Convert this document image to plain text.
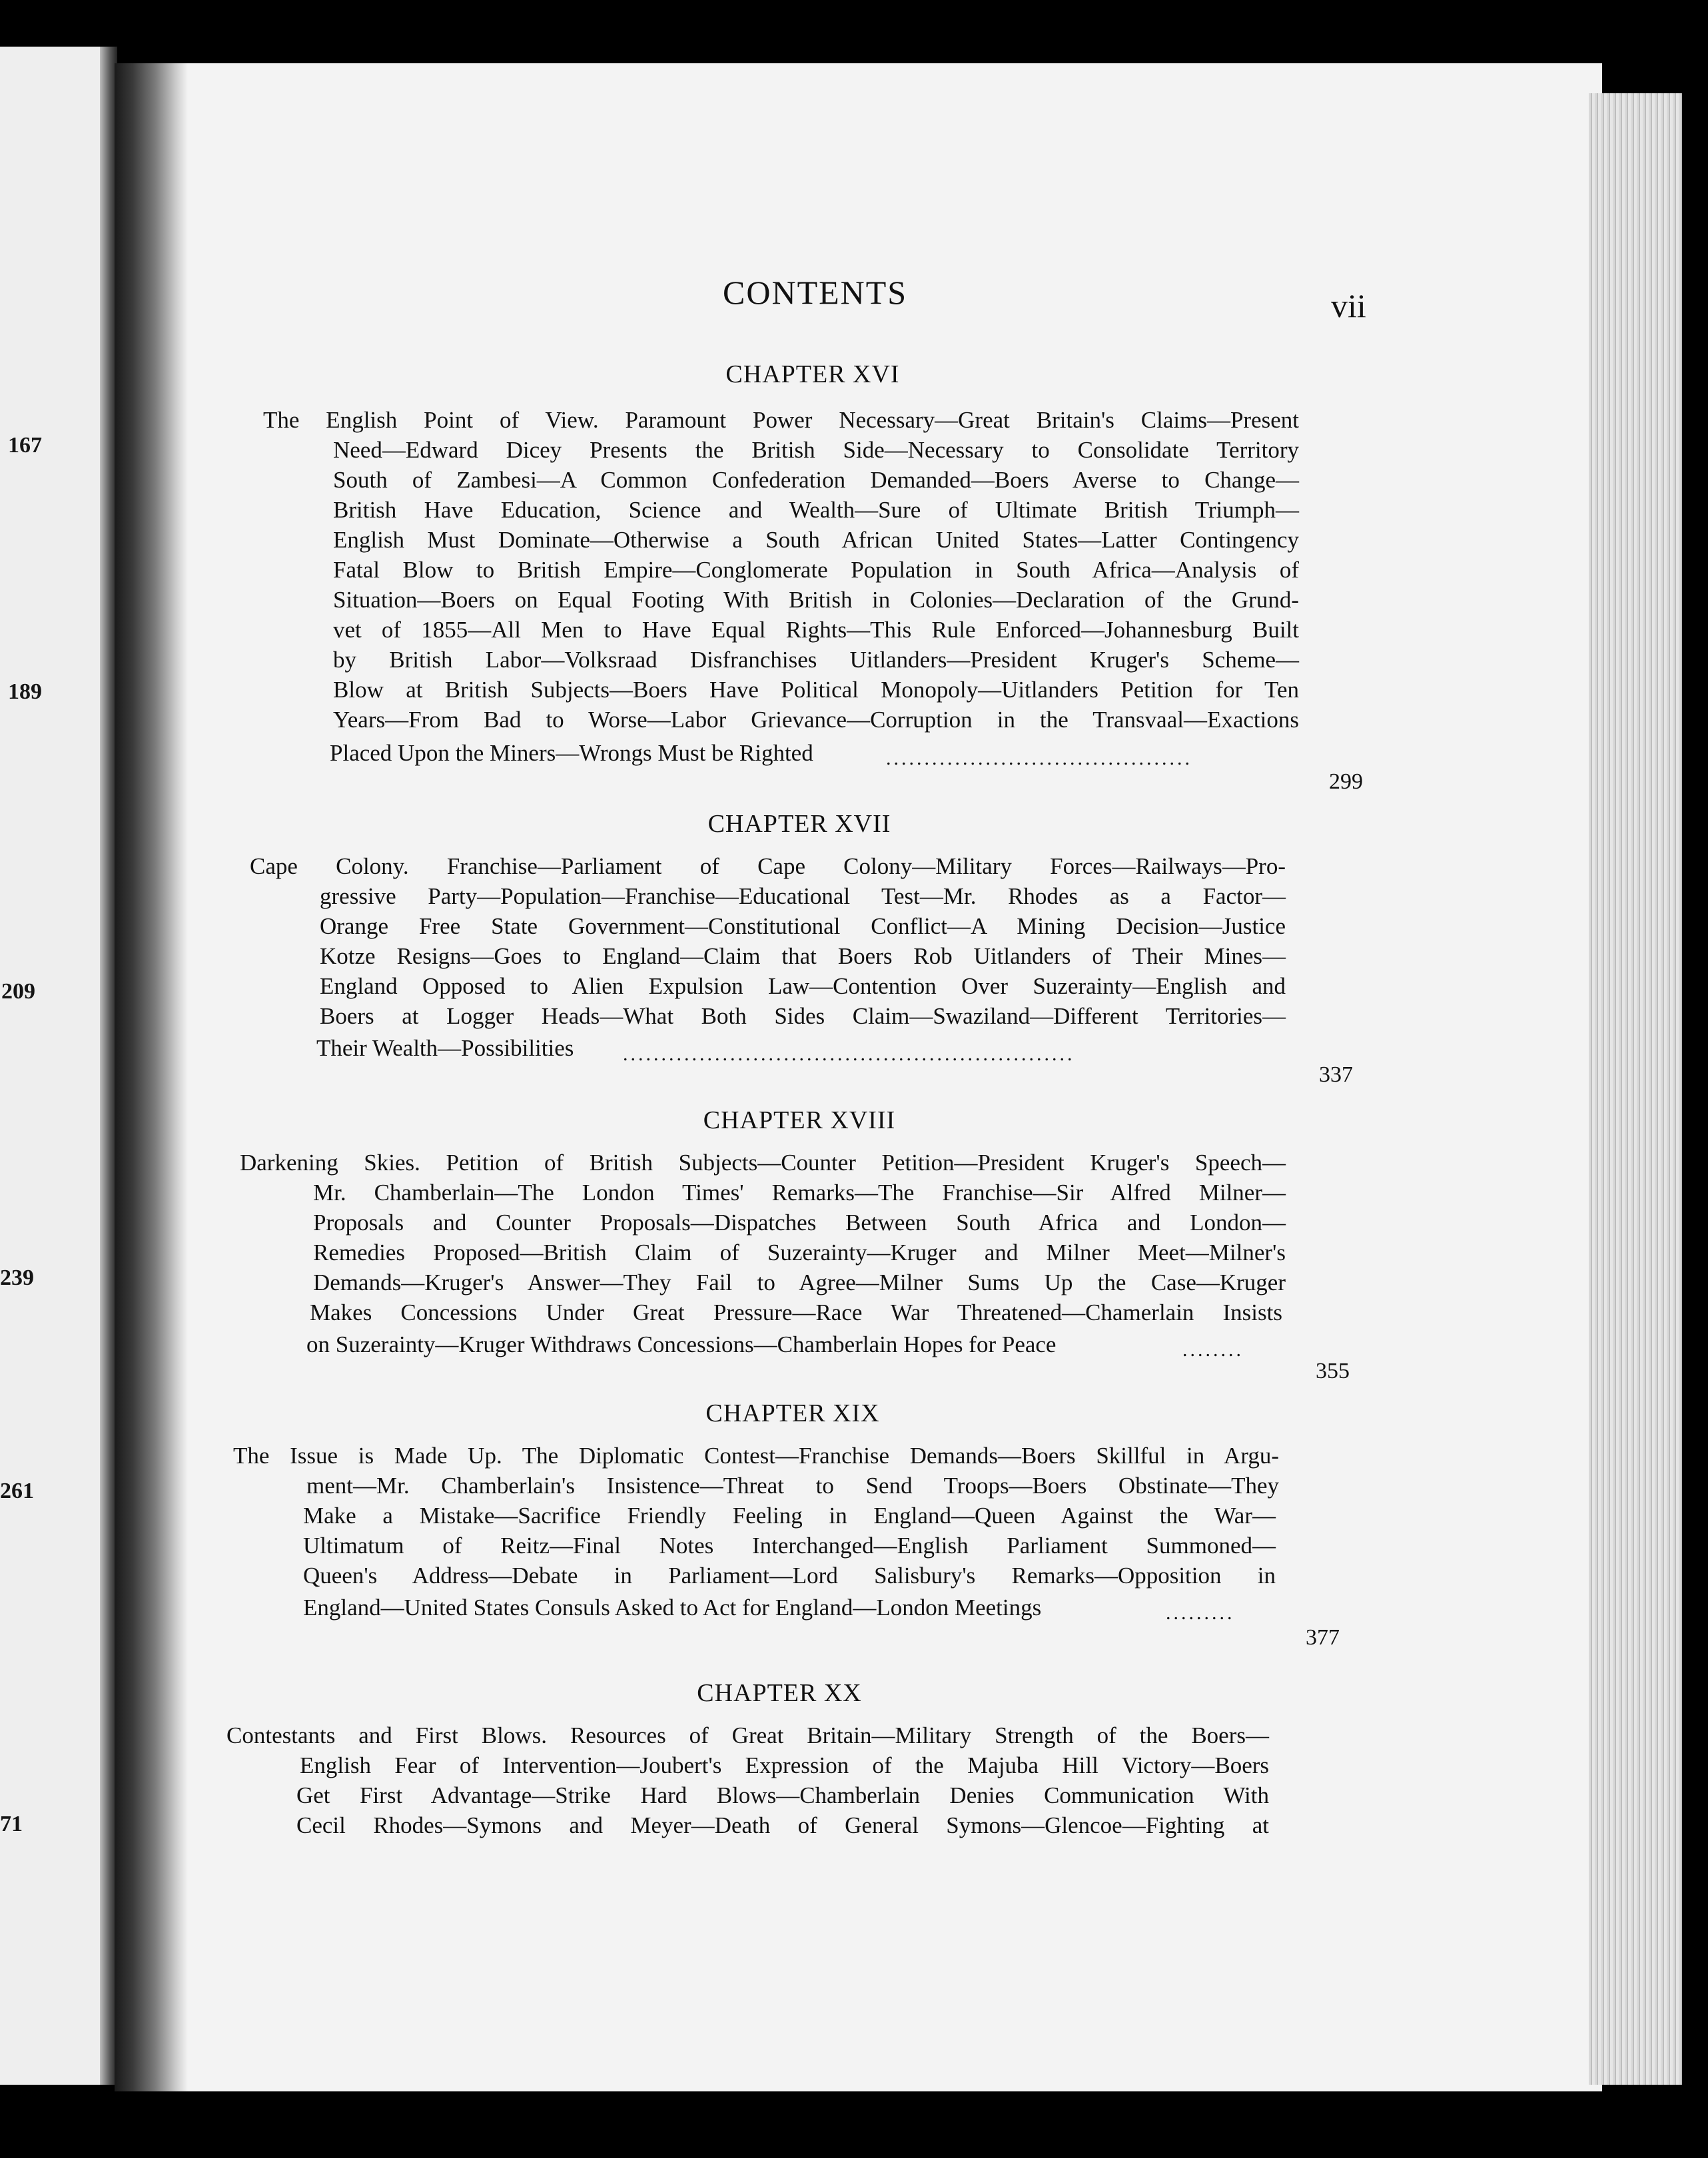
167
189
209
239
261
71
CONTENTS	vii
CHAPTER XVI
The English Point of View. Paramount Power Necessary—Great Britain's Claims—Present
Need—Edward Dicey Presents the British Side—Necessary to Consolidate Territory
South of Zambesi—A Common Confederation Demanded—Boers Averse to Change—
British Have Education, Science and Wealth—Sure of Ultimate British Triumph—
English Must Dominate—Otherwise a South African United States—Latter Contingency
Fatal Blow to British Empire—Conglomerate Population in South Africa—Analysis of
Situation—Boers on Equal Footing With British in Colonies—Declaration of the Grund-
vet of 1855—All Men to Have Equal Rights—This Rule Enforced—Johannesburg Built
by British Labor—Volksraad Disfranchises Uitlanders—President Kruger's Scheme—
Blow at British Subjects—Boers Have Political Monopoly—Uitlanders Petition for Ten
Years—From Bad to Worse—Labor Grievance—Corruption in the Transvaal—Exactions
Placed Upon the Miners—Wrongs Must be Righted	........................................
299
CHAPTER XVII
Cape Colony. Franchise—Parliament of Cape Colony—Military Forces—Railways—Pro-
gressive Party—Population—Franchise—Educational Test—Mr. Rhodes as a Factor—
Orange Free State Government—Constitutional Conflict—A Mining Decision—Justice
Kotze Resigns—Goes to England—Claim that Boers Rob Uitlanders of Their Mines—
England Opposed to Alien Expulsion Law—Contention Over Suzerainty—English and
Boers at Logger Heads—What Both Sides Claim—Swaziland—Different Territories—
Their Wealth—Possibilities ...........................................................
337
CHAPTER XVIII
Darkening Skies. Petition of British Subjects—Counter Petition—President Kruger's Speech—
Mr. Chamberlain—The London Times' Remarks—The Franchise—Sir Alfred Milner—
Proposals and Counter Proposals—Dispatches Between South Africa and London—
Remedies Proposed—British Claim of Suzerainty—Kruger and Milner Meet—Milner's
Demands—Kruger's Answer—They Fail to Agree—Milner Sums Up the Case—Kruger
Makes Concessions Under Great Pressure—Race War Threatened—Chamerlain Insists
on Suzerainty—Kruger Withdraws Concessions—Chamberlain Hopes for Peace	........
355
CHAPTER XIX
The Issue is Made Up. The Diplomatic Contest—Franchise Demands—Boers Skillful in Argu-
ment—Mr. Chamberlain's Insistence—Threat to Send Troops—Boers Obstinate—They
Make a Mistake—Sacrifice Friendly Feeling in England—Queen Against the War—
Ultimatum of Reitz—Final Notes Interchanged—English Parliament Summoned—
Queen's Address—Debate in Parliament—Lord Salisbury's Remarks—Opposition in
England—United States Consuls Asked to Act for England—London Meetings	.........
377
CHAPTER XX
Contestants and First Blows. Resources of Great Britain—Military Strength of the Boers—
English Fear of Intervention—Joubert's Expression of the Majuba Hill Victory—Boers
Get First Advantage—Strike Hard Blows—Chamberlain Denies Communication With
Cecil Rhodes—Symons and Meyer—Death of General Symons—Glencoe—Fighting at
